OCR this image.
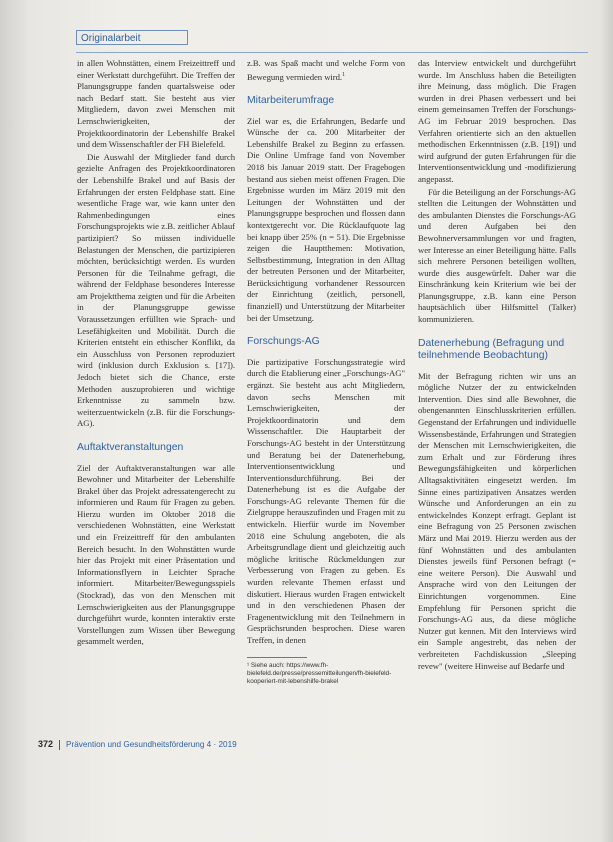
Originalarbeit

in allen Wohnstätten, einem Freizeittreff und einer Werkstatt durchgeführt. Die Treffen der Planungsgruppe fanden quartalsweise oder nach Bedarf statt. Sie besteht aus vier Mitgliedern, davon zwei Menschen mit Lernschwierigkeiten, der Projektkoordinatorin der Lebenshilfe Brakel und dem Wissenschaftler der FH Bielefeld.

Die Auswahl der Mitglieder fand durch gezielte Anfragen des Projektkoordinatoren der Lebenshilfe Brakel und auf Basis der Erfahrungen der ersten Feldphase statt. Eine wesentliche Frage war, wie kann unter den Rahmenbedingungen eines Forschungsprojekts wie z.B. zeitlicher Ablauf partizipiert? So müssen individuelle Belastungen der Menschen, die partizipieren möchten, berücksichtigt werden. Es wurden Personen für die Teilnahme gefragt, die während der Feldphase besonderes Interesse am Projektthema zeigten und für die Arbeiten in der Planungsgruppe gewisse Voraussetzungen erfüllten wie Sprach- und Lesefähigkeiten und Mobilität. Durch die Kriterien entsteht ein ethischer Konflikt, da ein Ausschluss von Personen reproduziert wird (inklusion durch Exklusion s. [17]). Jedoch bietet sich die Chance, erste Methoden auszuprobieren und wichtige Erkenntnisse zu sammeln bzw. weiterzuentwickeln (z.B. für die Forschungs-AG).

Auftaktveranstaltungen

Ziel der Auftaktveranstaltungen war alle Bewohner und Mitarbeiter der Lebenshilfe Brakel über das Projekt adressatengerecht zu informieren und Raum für Fragen zu geben. Hierzu wurden im Oktober 2018 die verschiedenen Wohnstätten, eine Werkstatt und ein Freizeittreff für den ambulanten Bereich besucht. In den Wohnstätten wurde hier das Projekt mit einer Präsentation und Informationsflyern in Leichter Sprache informiert. Mitarbeiter/Bewegungsspiels (Stockrad), das von den Menschen mit Lernschwierigkeiten aus der Planungsgruppe durchgeführt wurde, konnten interaktiv erste Vorstellungen zum Wissen über Bewegung gesammelt werden,

z.B. was Spaß macht und welche Form von Bewegung vermieden wird.$^1$

Mitarbeiterumfrage

Ziel war es, die Erfahrungen, Bedarfe und Wünsche der ca. 200 Mitarbeiter der Lebenshilfe Brakel zu Beginn zu erfassen. Die Online Umfrage fand von November 2018 bis Januar 2019 statt. Der Fragebogen bestand aus sieben meist offenen Fragen. Die Ergebnisse wurden im März 2019 mit den Leitungen der Wohnstätten und der Planungsgruppe besprochen und flossen dann kontextgerecht vor. Die Rücklaufquote lag bei knapp über 25% (n = 51). Die Ergebnisse zeigen die Hauptthemen: Motivation, Selbstbestimmung, Integration in den Alltag der betreuten Personen und der Mitarbeiter, Berücksichtigung vorhandener Ressourcen der Einrichtung (zeitlich, personell, finanziell) und Unterstützung der Mitarbeiter bei der Umsetzung.

Forschungs-AG

Die partizipative Forschungsstrategie wird durch die Etablierung einer „Forschungs-AG" ergänzt. Sie besteht aus acht Mitgliedern, davon sechs Menschen mit Lernschwierigkeiten, der Projektkoordinatorin und dem Wissenschaftler. Die Hauptarbeit der Forschungs-AG besteht in der Unterstützung und Beratung bei der Datenerhebung, Interventionsentwicklung und Interventionsdurchführung. Bei der Datenerhebung ist es die Aufgabe der Forschungs-AG relevante Themen für die Zielgruppe herauszufinden und Fragen mit zu entwickeln. Hierfür wurde im November 2018 eine Schulung angeboten, die als Arbeitsgrundlage dient und gleichzeitig auch mögliche kritische Rückmeldungen zur Verbesserung von Fragen zu geben. Es wurden relevante Themen erfasst und diskutiert. Hieraus wurden Fragen entwickelt und in den verschiedenen Phasen der Fragenentwicklung mit den Teilnehmern in Gesprächsrunden besprochen. Diese waren Treffen, in denen

¹ Siehe auch: https://www.fh-bielefeld.de/presse/pressemitteilungen/fh-bielefeld-kooperiert-mit-lebenshilfe-brakel

das Interview entwickelt und durchgeführt wurde. Im Anschluss haben die Beteiligten ihre Meinung, dass möglich. Die Fragen wurden in drei Phasen verbessert und bei einem gemeinsamen Treffen der Forschungs-AG im Februar 2019 besprochen. Das Verfahren orientierte sich an den aktuellen methodischen Erkenntnissen (z.B. [19]) und wird aufgrund der guten Erfahrungen für die Interventionsentwicklung und -modifizierung angepasst.

Für die Beteiligung an der Forschungs-AG stellten die Leitungen der Wohnstätten und des ambulanten Dienstes die Forschungs-AG und deren Aufgaben bei den Bewohnerversammlungen vor und fragten, wer Interesse an einer Beteiligung hätte. Falls sich mehrere Personen beteiligen wollten, wurde dies ausgewürfelt. Daher war die Einschränkung kein Kriterium wie bei der Planungsgruppe, z.B. kann eine Person hauptsächlich über Hilfsmittel (Talker) kommunizieren.

Datenerhebung (Befragung und teilnehmende Beobachtung)

Mit der Befragung richten wir uns an mögliche Nutzer der zu entwickelnden Intervention. Dies sind alle Bewohner, die obengenannten Einschlusskriterien erfüllen. Gegenstand der Erfahrungen und individuelle Wissensbestände, Erfahrungen und Strategien der Menschen mit Lernschwierigkeiten, die zum Erhalt und zur Förderung ihres Bewegungsfähigkeiten und körperlichen Alltagsaktivitäten eingesetzt werden. Im Sinne eines partizipativen Ansatzes werden Wünsche und Anforderungen an ein zu entwickelndes Konzept erfragt. Geplant ist eine Befragung von 25 Personen zwischen März und Mai 2019. Hierzu werden aus der fünf Wohnstätten und des ambulanten Dienstes jeweils fünf Personen befragt (= eine weitere Person). Die Auswahl und Ansprache wird von den Leitungen der Einrichtungen vorgenommen. Eine Empfehlung für Personen spricht die Forschungs-AG aus, da diese mögliche Nutzer gut kennen. Mit den Interviews wird ein Sample angestrebt, das neben der verbreiteten Fachdiskussion „Sleeping revew" (weitere Hinweise auf Bedarfe und

372 Prävention und Gesundheitsförderung 4 · 2019
